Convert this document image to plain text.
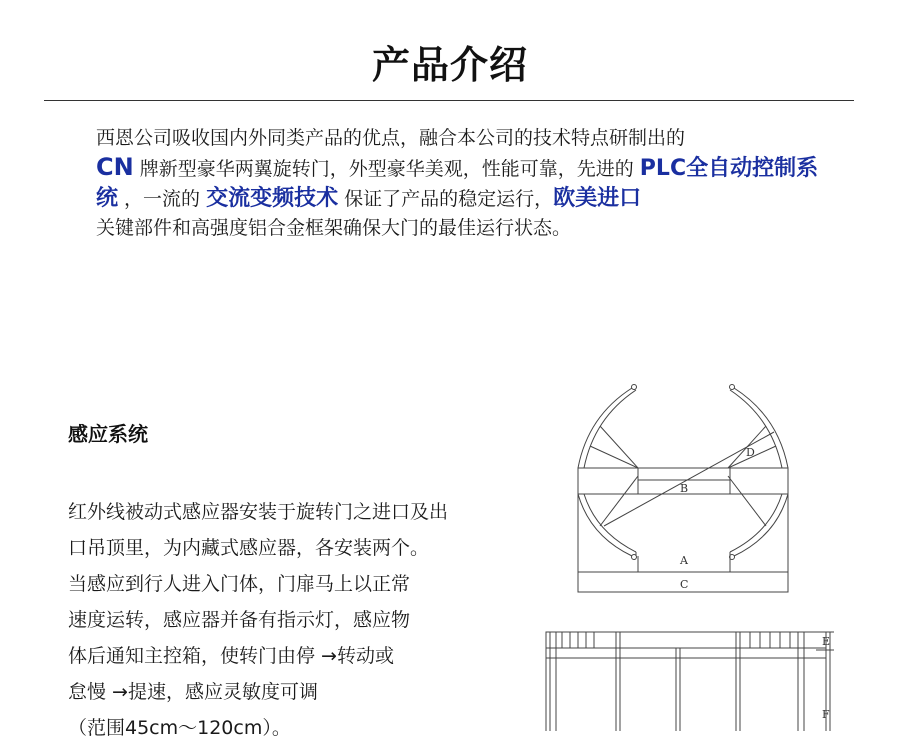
产品介绍
西恩公司吸收国内外同类产品的优点，融合本公司的技术特点研制出的
CN 牌新型豪华两翼旋转门，外型豪华美观，性能可靠，先进的 PLC全自动控制系统 ，一流的 交流变频技术 保证了产品的稳定运行，欧美进口
关键部件和高强度铝合金框架确保大门的最佳运行状态。
感应系统
红外线被动式感应器安装于旋转门之进口及出
口吊顶里，为内藏式感应器，各安装两个。
当感应到行人进入门体，门扉马上以正常
速度运转，感应器并备有指示灯，感应物
体后通知主控箱，使转门由停 →转动或
怠慢 →提速，感应灵敏度可调
（范围45cm～120cm）。
D
B
A
C
E
F
